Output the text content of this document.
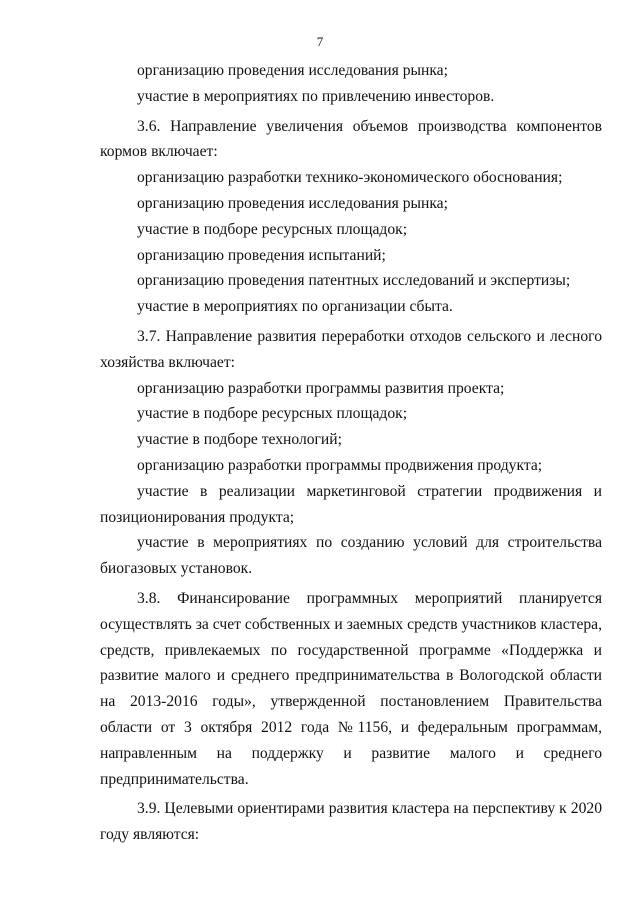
7

организацию проведения исследования рынка;

участие в мероприятиях по привлечению инвесторов.

3.6. Направление увеличения объемов производства компонентов кормов включает:

организацию разработки технико-экономического обоснования;

организацию проведения исследования рынка;

участие в подборе ресурсных площадок;

организацию проведения испытаний;

организацию проведения патентных исследований и экспертизы;

участие в мероприятиях по организации сбыта.

3.7. Направление развития переработки отходов сельского и лесного хозяйства включает:

организацию разработки программы развития проекта;

участие в подборе ресурсных площадок;

участие в подборе технологий;

организацию разработки программы продвижения продукта;

участие в реализации маркетинговой стратегии продвижения и позиционирования продукта;

участие в мероприятиях по созданию условий для строительства биогазовых установок.

3.8. Финансирование программных мероприятий планируется осуществлять за счет собственных и заемных средств участников кластера, средств, привлекаемых по государственной программе «Поддержка и развитие малого и среднего предпринимательства в Вологодской области на 2013-2016 годы», утвержденной постановлением Правительства области от 3 октября 2012 года №1156, и федеральным программам, направленным на поддержку и развитие малого и среднего предпринимательства.

3.9. Целевыми ориентирами развития кластера на перспективу к 2020 году являются:
